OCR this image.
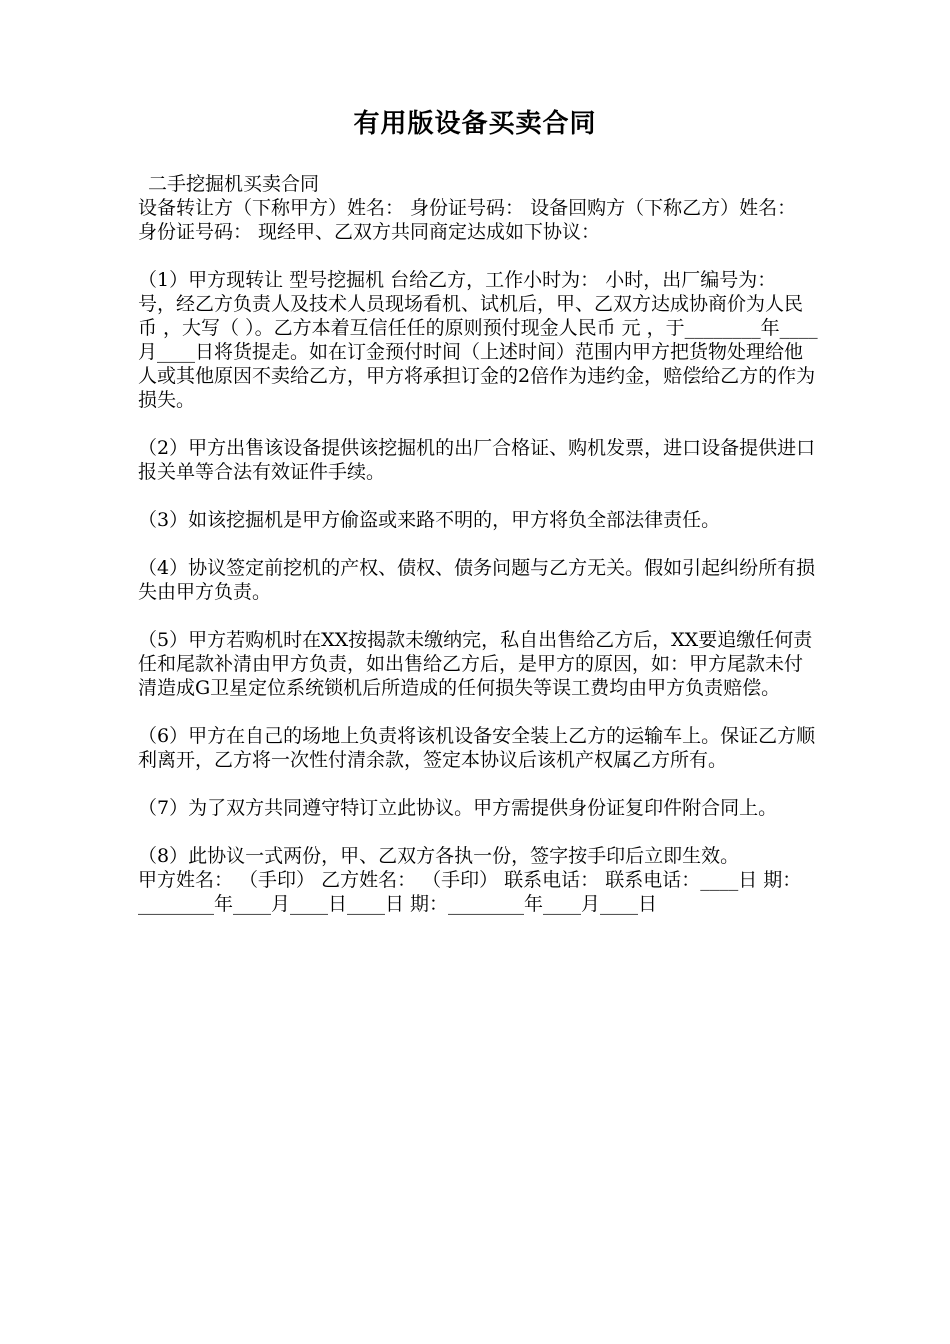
有用版设备买卖合同

二手挖掘机买卖合同

设备转让方（下称甲方）姓名： 身份证号码： 设备回购方（下称乙方）姓名： 身份证号码： 现经甲、乙双方共同商定达成如下协议：

（1）甲方现转让 型号挖掘机 台给乙方，工作小时为： 小时，出厂编号为： 号，经乙方负责人及技术人员现场看机、试机后，甲、乙双方达成协商价为人民币 ，大写（ ）。乙方本着互信任任的原则预付现金人民币 元 ，于________年____月____日将货提走。如在订金预付时间（上述时间）范围内甲方把货物处理给他人或其他原因不卖给乙方，甲方将承担订金的2倍作为违约金，赔偿给乙方的作为损失。

（2）甲方出售该设备提供该挖掘机的出厂合格证、购机发票，进口设备提供进口报关单等合法有效证件手续。

（3）如该挖掘机是甲方偷盗或来路不明的，甲方将负全部法律责任。

（4）协议签定前挖机的产权、债权、债务问题与乙方无关。假如引起纠纷所有损失由甲方负责。

（5）甲方若购机时在XX按揭款未缴纳完，私自出售给乙方后，XX要追缴任何责任和尾款补清由甲方负责，如出售给乙方后，是甲方的原因，如：甲方尾款未付清造成G卫星定位系统锁机后所造成的任何损失等误工费均由甲方负责赔偿。

（6）甲方在自己的场地上负责将该机设备安全装上乙方的运输车上。保证乙方顺利离开，乙方将一次性付清余款，签定本协议后该机产权属乙方所有。

（7）为了双方共同遵守特订立此协议。甲方需提供身份证复印件附合同上。

（8）此协议一式两份，甲、乙双方各执一份，签字按手印后立即生效。

甲方姓名： （手印） 乙方姓名： （手印） 联系电话： 联系电话：____日 期：________年____月____日____日 期：________年____月____日
